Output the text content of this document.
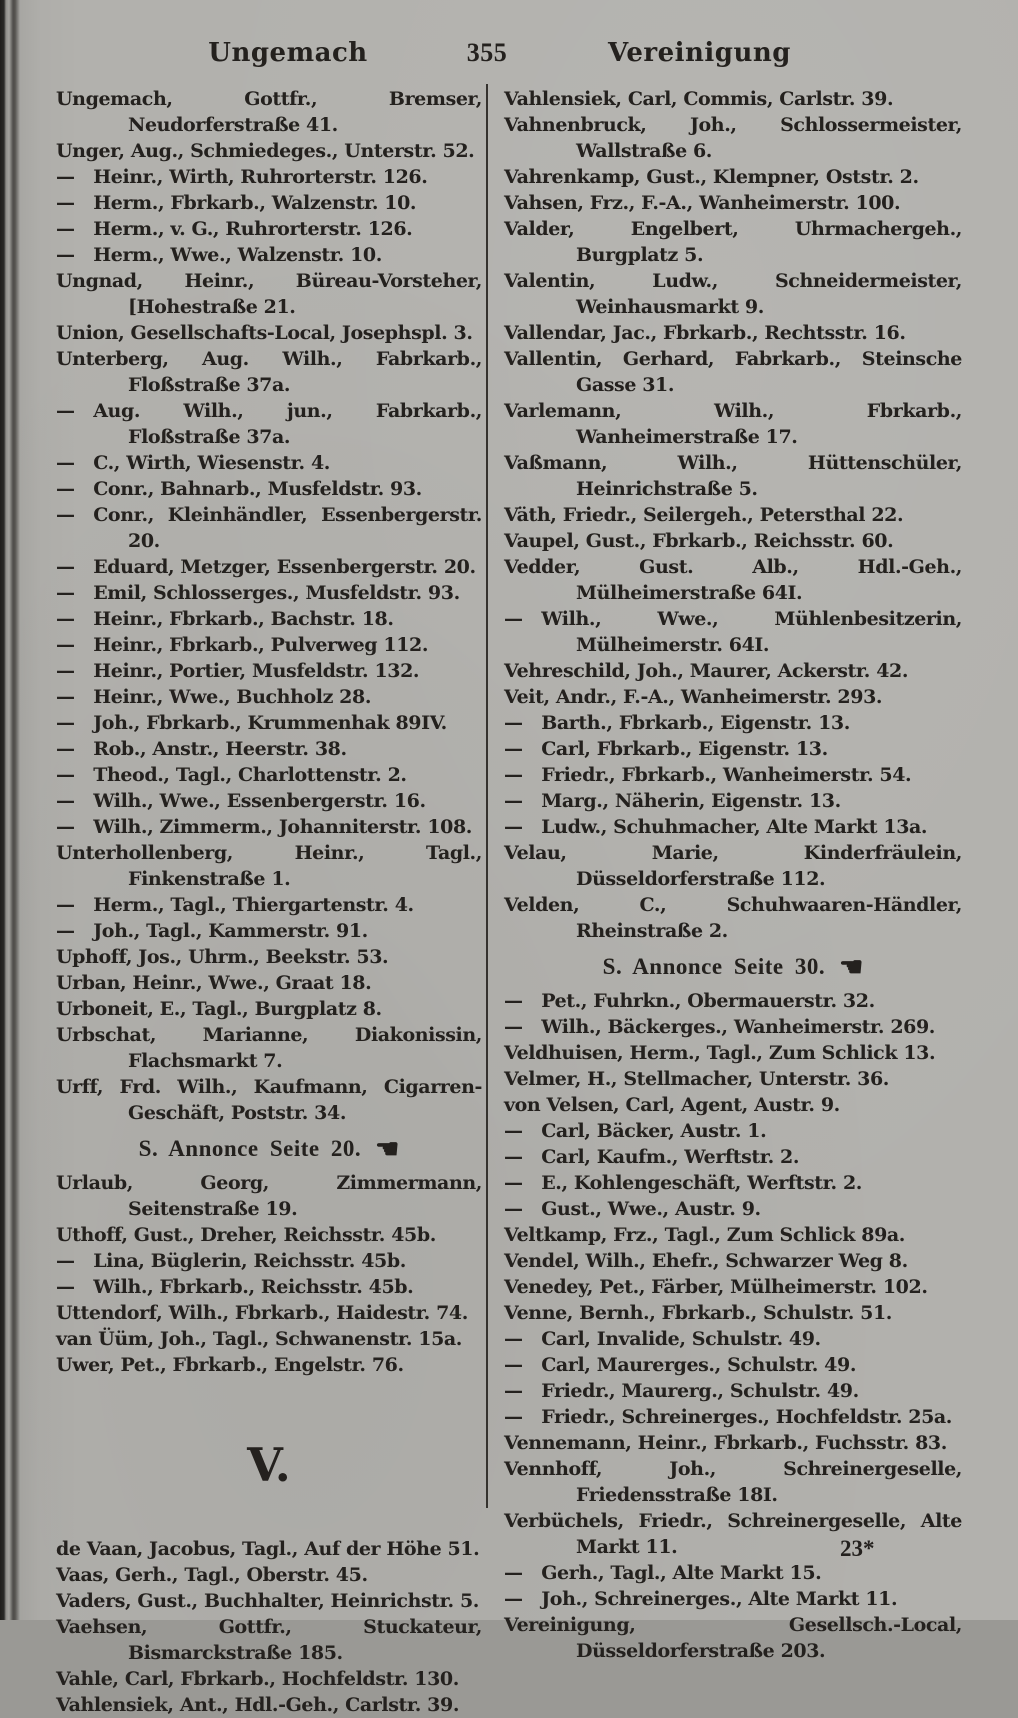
Ungemach	355	Vereinigung
Ungemach, Gottfr., Bremser, Neudorferstraße 41.
Unger, Aug., Schmiedeges., Unterstr. 52.
— Heinr., Wirth, Ruhrorterstr. 126.
— Herm., Fbrkarb., Walzenstr. 10.
— Herm., v. G., Ruhrorterstr. 126.
— Herm., Wwe., Walzenstr. 10.
Ungnad, Heinr., Büreau-Vorsteher, [Hohestraße 21.
Union, Gesellschafts-Local, Josephspl. 3.
Unterberg, Aug. Wilh., Fabrkarb., Floßstraße 37a.
— Aug. Wilh., jun., Fabrkarb., Floßstraße 37a.
— C., Wirth, Wiesenstr. 4.
— Conr., Bahnarb., Musfeldstr. 93.
— Conr., Kleinhändler, Essenbergerstr. 20.
— Eduard, Metzger, Essenbergerstr. 20.
— Emil, Schlosserges., Musfeldstr. 93.
— Heinr., Fbrkarb., Bachstr. 18.
— Heinr., Fbrkarb., Pulverweg 112.
— Heinr., Portier, Musfeldstr. 132.
— Heinr., Wwe., Buchholz 28.
— Joh., Fbrkarb., Krummenhak 89IV.
— Rob., Anstr., Heerstr. 38.
— Theod., Tagl., Charlottenstr. 2.
— Wilh., Wwe., Essenbergerstr. 16.
— Wilh., Zimmerm., Johanniterstr. 108.
Unterhollenberg, Heinr., Tagl., Finkenstraße 1.
— Herm., Tagl., Thiergartenstr. 4.
— Joh., Tagl., Kammerstr. 91.
Uphoff, Jos., Uhrm., Beekstr. 53.
Urban, Heinr., Wwe., Graat 18.
Urboneit, E., Tagl., Burgplatz 8.
Urbschat, Marianne, Diakonissin, Flachsmarkt 7.
Urff, Frd. Wilh., Kaufmann, Cigarren-Geschäft, Poststr. 34.
S. Annonce Seite 20. ☚
Urlaub, Georg, Zimmermann, Seitenstraße 19.
Uthoff, Gust., Dreher, Reichsstr. 45b.
— Lina, Büglerin, Reichsstr. 45b.
— Wilh., Fbrkarb., Reichsstr. 45b.
Uttendorf, Wilh., Fbrkarb., Haidestr. 74.
van Üüm, Joh., Tagl., Schwanenstr. 15a.
Uwer, Pet., Fbrkarb., Engelstr. 76.
V.
de Vaan, Jacobus, Tagl., Auf der Höhe 51.
Vaas, Gerh., Tagl., Oberstr. 45.
Vaders, Gust., Buchhalter, Heinrichstr. 5.
Vaehsen, Gottfr., Stuckateur, Bismarckstraße 185.
Vahle, Carl, Fbrkarb., Hochfeldstr. 130.
Vahlensiek, Ant., Hdl.-Geh., Carlstr. 39.
Vahlensiek, Carl, Commis, Carlstr. 39.
Vahnenbruck, Joh., Schlossermeister, Wallstraße 6.
Vahrenkamp, Gust., Klempner, Oststr. 2.
Vahsen, Frz., F.-A., Wanheimerstr. 100.
Valder, Engelbert, Uhrmachergeh., Burgplatz 5.
Valentin, Ludw., Schneidermeister, Weinhausmarkt 9.
Vallendar, Jac., Fbrkarb., Rechtsstr. 16.
Vallentin, Gerhard, Fabrkarb., Steinsche Gasse 31.
Varlemann, Wilh., Fbrkarb., Wanheimerstraße 17.
Vaßmann, Wilh., Hüttenschüler, Heinrichstraße 5.
Väth, Friedr., Seilergeh., Petersthal 22.
Vaupel, Gust., Fbrkarb., Reichsstr. 60.
Vedder, Gust. Alb., Hdl.-Geh., Mülheimerstraße 64I.
— Wilh., Wwe., Mühlenbesitzerin, Mülheimerstr. 64I.
Vehreschild, Joh., Maurer, Ackerstr. 42.
Veit, Andr., F.-A., Wanheimerstr. 293.
— Barth., Fbrkarb., Eigenstr. 13.
— Carl, Fbrkarb., Eigenstr. 13.
— Friedr., Fbrkarb., Wanheimerstr. 54.
— Marg., Näherin, Eigenstr. 13.
— Ludw., Schuhmacher, Alte Markt 13a.
Velau, Marie, Kinderfräulein, Düsseldorferstraße 112.
Velden, C., Schuhwaaren-Händler, Rheinstraße 2.
S. Annonce Seite 30. ☚
— Pet., Fuhrkn., Obermauerstr. 32.
— Wilh., Bäckerges., Wanheimerstr. 269.
Veldhuisen, Herm., Tagl., Zum Schlick 13.
Velmer, H., Stellmacher, Unterstr. 36.
von Velsen, Carl, Agent, Austr. 9.
— Carl, Bäcker, Austr. 1.
— Carl, Kaufm., Werftstr. 2.
— E., Kohlengeschäft, Werftstr. 2.
— Gust., Wwe., Austr. 9.
Veltkamp, Frz., Tagl., Zum Schlick 89a.
Vendel, Wilh., Ehefr., Schwarzer Weg 8.
Venedey, Pet., Färber, Mülheimerstr. 102.
Venne, Bernh., Fbrkarb., Schulstr. 51.
— Carl, Invalide, Schulstr. 49.
— Carl, Maurerges., Schulstr. 49.
— Friedr., Maurerg., Schulstr. 49.
— Friedr., Schreinerges., Hochfeldstr. 25a.
Vennemann, Heinr., Fbrkarb., Fuchsstr. 83.
Vennhoff, Joh., Schreinergeselle, Friedensstraße 18I.
Verbüchels, Friedr., Schreinergeselle, Alte Markt 11.
— Gerh., Tagl., Alte Markt 15.
— Joh., Schreinerges., Alte Markt 11.
Vereinigung, Gesellsch.-Local, Düsseldorferstraße 203.
23*
